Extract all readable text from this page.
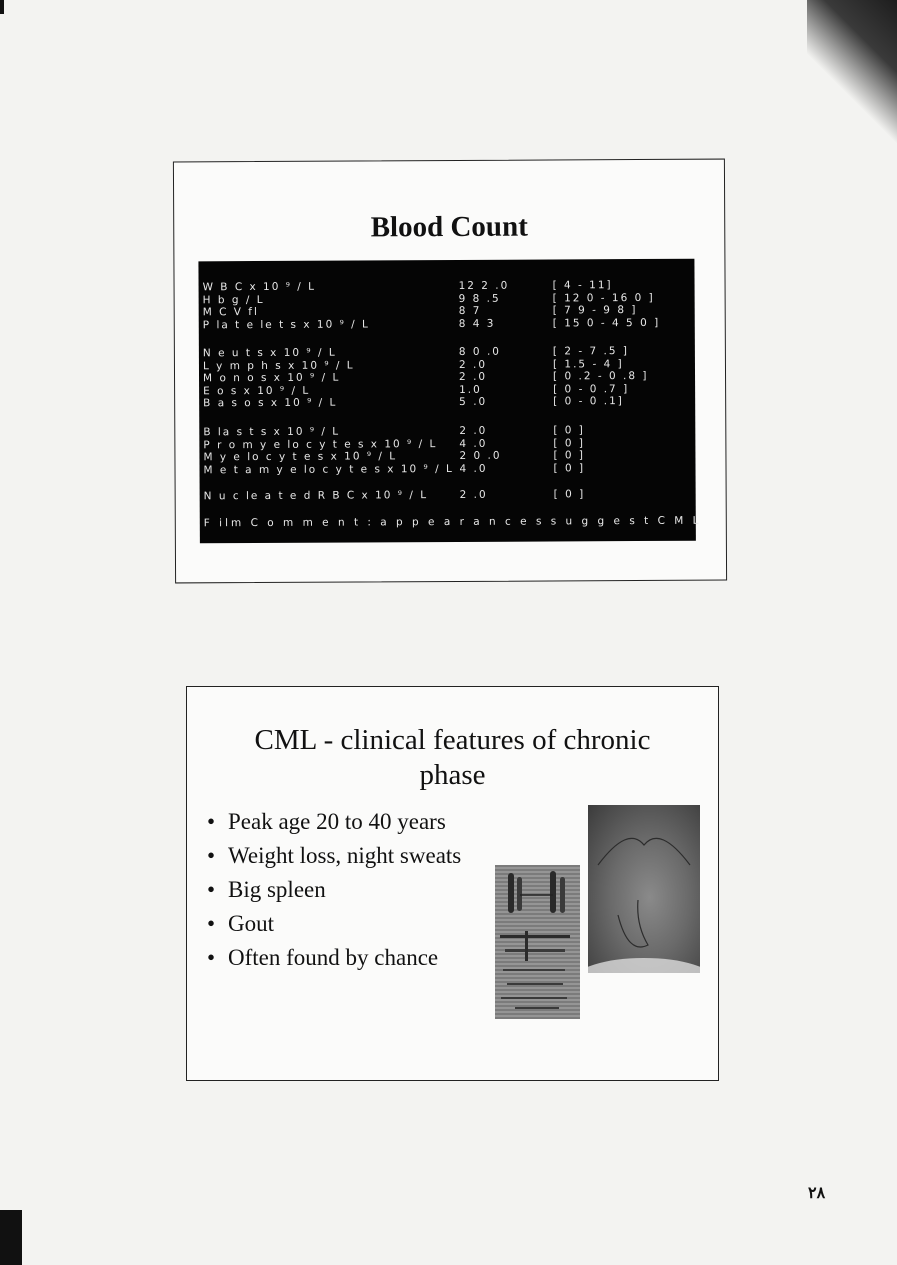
Blood Count
F ilm C o m m e n t : a p p e a r a n c e s s u g g e s t C M L
W B C x 10 ⁹ / L	12 2 .0	[ 4 - 11]
H b g / L	9 8 .5	[ 12 0 - 16 0 ]
M C V fl	8 7	[ 7 9 - 9 8 ]
P la t e le t s x 10 ⁹ / L	8 4 3	[ 15 0 - 4 5 0 ]
N e u t s x 10 ⁹ / L	8 0 .0	[ 2 - 7 .5 ]
L y m p h s x 10 ⁹ / L	2 .0	[ 1.5 - 4 ]
M o n o s x 10 ⁹ / L	2 .0	[ 0 .2 - 0 .8 ]
E o s x 10 ⁹ / L	1.0	[ 0 - 0 .7 ]
B a s o s x 10 ⁹ / L	5 .0	[ 0 - 0 .1]
B la s t s x 10 ⁹ / L	2 .0	[ 0 ]
P r o m y e lo c y t e s x 10 ⁹ / L 4 .0	[ 0 ]
M y e lo c y t e s x 10 ⁹ / L	2 0 .0	[ 0 ]
M e t a m y e lo c y t e s x 10 ⁹ / L 4 .0	[ 0 ]
N u c le a t e d R B C x 10 ⁹ / L	2 .0	[ 0 ]
CML - clinical features of chronic
phase
• Peak age 20 to 40 years
• Weight loss, night sweats
• Big spleen
• Gout
• Often found by chance
٢٨
